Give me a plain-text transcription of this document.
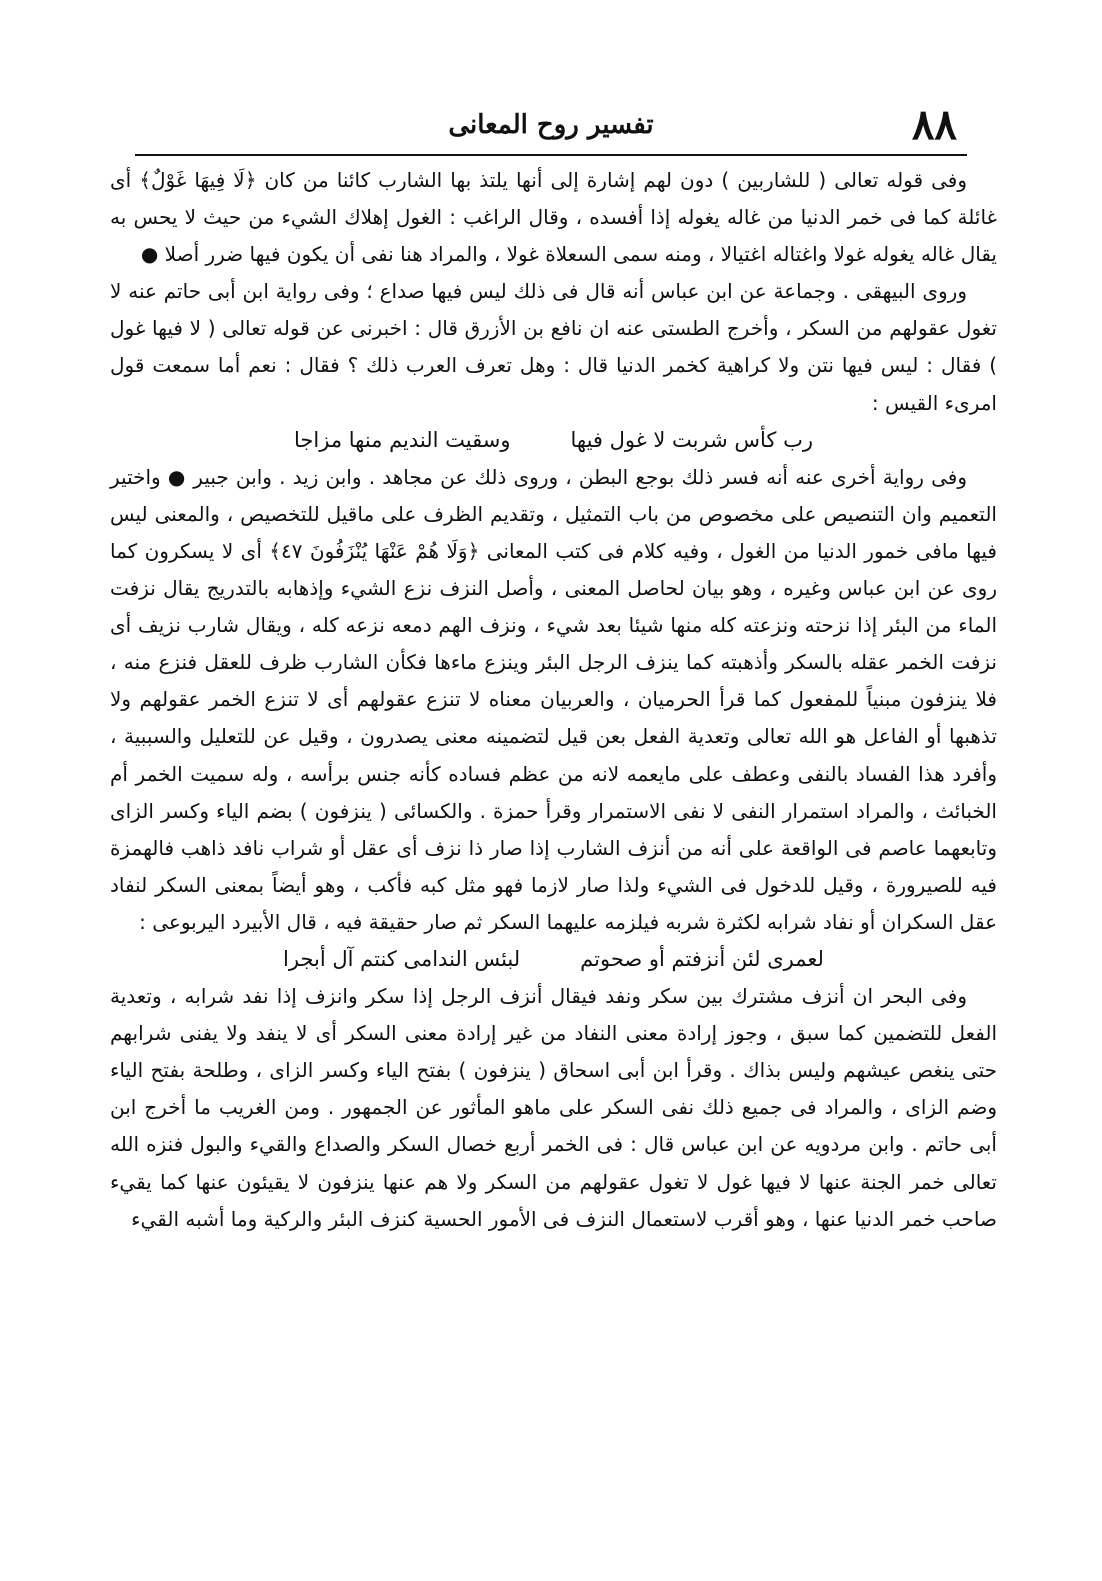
٨٨
تفسير روح المعانى

وفى قوله تعالى ( للشاربين ) دون لهم إشارة إلى أنها يلتذ بها الشارب كائنا من كان ﴿لَا فِيهَا غَوْلٌ﴾ أى غائلة كما فى خمر الدنيا من غاله يغوله إذا أفسده ، وقال الراغب : الغول إهلاك الشيء من حيث لا يحس به يقال غاله يغوله غولا واغتاله اغتيالا ، ومنه سمى السعلاة غولا ، والمراد هنا نفى أن يكون فيها ضرر أصلا ●

وروى البيهقى . وجماعة عن ابن عباس أنه قال فى ذلك ليس فيها صداع ؛ وفى رواية ابن أبى حاتم عنه لا تغول عقولهم من السكر ، وأخرج الطستى عنه ان نافع بن الأزرق قال : اخبرنى عن قوله تعالى ( لا فيها غول ) فقال : ليس فيها نتن ولا كراهية كخمر الدنيا قال : وهل تعرف العرب ذلك ؟ فقال : نعم أما سمعت قول امرىء القيس :

رب كأس شربت لا غول فيها
وسقيت النديم منها مزاجا

وفى رواية أخرى عنه أنه فسر ذلك بوجع البطن ، وروى ذلك عن مجاهد . وابن زيد . وابن جبير ● واختير التعميم وان التنصيص على مخصوص من باب التمثيل ، وتقديم الظرف على ماقيل للتخصيص ، والمعنى ليس فيها مافى خمور الدنيا من الغول ، وفيه كلام فى كتب المعانى ﴿وَلَا هُمْ عَنْهَا يُنْزَفُونَ ٤٧﴾ أى لا يسكرون كما روى عن ابن عباس وغيره ، وهو بيان لحاصل المعنى ، وأصل النزف نزع الشيء وإذهابه بالتدريج يقال نزفت الماء من البئر إذا نزحته ونزعته كله منها شيئا بعد شيء ، ونزف الهم دمعه نزعه كله ، ويقال شارب نزيف أى نزفت الخمر عقله بالسكر وأذهبته كما ينزف الرجل البئر وينزع ماءها فكأن الشارب ظرف للعقل فنزع منه ، فلا ينزفون مبنياً للمفعول كما قرأ الحرميان ، والعربيان معناه لا تنزع عقولهم أى لا تنزع الخمر عقولهم ولا تذهبها أو الفاعل هو الله تعالى وتعدية الفعل بعن قيل لتضمينه معنى يصدرون ، وقيل عن للتعليل والسببية ، وأفرد هذا الفساد بالنفى وعطف على مايعمه لانه من عظم فساده كأنه جنس برأسه ، وله سميت الخمر أم الخبائث ، والمراد استمرار النفى لا نفى الاستمرار وقرأ حمزة . والكسائى ( ينزفون ) بضم الياء وكسر الزاى وتابعهما عاصم فى الواقعة على أنه من أنزف الشارب إذا صار ذا نزف أى عقل أو شراب نافد ذاهب فالهمزة فيه للصيرورة ، وقيل للدخول فى الشيء ولذا صار لازما فهو مثل كبه فأكب ، وهو أيضاً بمعنى السكر لنفاد عقل السكران أو نفاد شرابه لكثرة شربه فيلزمه عليهما السكر ثم صار حقيقة فيه ، قال الأبيرد اليربوعى :

لعمرى لئن أنزفتم أو صحوتم
لبئس الندامى كنتم آل أبجرا

وفى البحر ان أنزف مشترك بين سكر ونفد فيقال أنزف الرجل إذا سكر وانزف إذا نفد شرابه ، وتعدية الفعل للتضمين كما سبق ، وجوز إرادة معنى النفاد من غير إرادة معنى السكر أى لا ينفد ولا يفنى شرابهم حتى ينغص عيشهم وليس بذاك . وقرأ ابن أبى اسحاق ( ينزفون ) بفتح الياء وكسر الزاى ، وطلحة بفتح الياء وضم الزاى ، والمراد فى جميع ذلك نفى السكر على ماهو المأثور عن الجمهور . ومن الغريب ما أخرج ابن أبى حاتم . وابن مردويه عن ابن عباس قال : فى الخمر أربع خصال السكر والصداع والقيء والبول فنزه الله تعالى خمر الجنة عنها لا فيها غول لا تغول عقولهم من السكر ولا هم عنها ينزفون لا يقيئون عنها كما يقيء صاحب خمر الدنيا عنها ، وهو أقرب لاستعمال النزف فى الأمور الحسية كنزف البئر والركية وما أشبه القيء
